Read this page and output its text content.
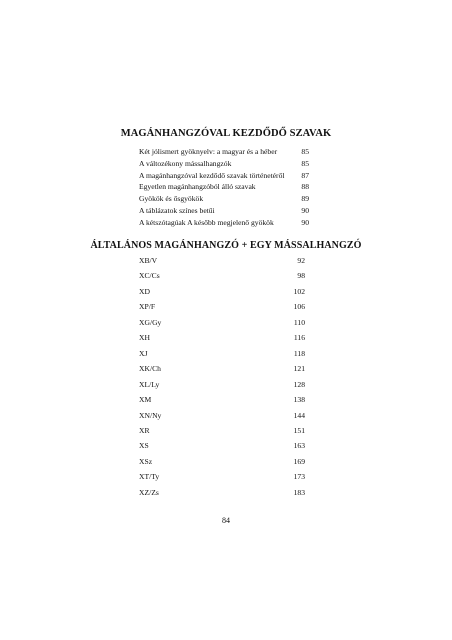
MAGÁNHANGZÓVAL KEZDŐDŐ SZAVAK
Két jólismert gyöknyelv: a magyar és a héber	85
A változékony mássalhangzók	85
A magánhangzóval kezdődő szavak történetéről	87
Egyetlen magánhangzóból álló szavak	88
Gyökök és ősgyökök	89
A táblázatok színes betűi	90
A kétszótagúak A később megjelenő gyökök	90
ÁLTALÁNOS MAGÁNHANGZÓ + EGY MÁSSALHANGZÓ
XB/V	92
XC/Cs	98
XD	102
XP/F	106
XG/Gy	110
XH	116
XJ	118
XK/Ch	121
XL/Ly	128
XM	138
XN/Ny	144
XR	151
XS	163
XSz	169
XT/Ty	173
XZ/Zs	183
84
